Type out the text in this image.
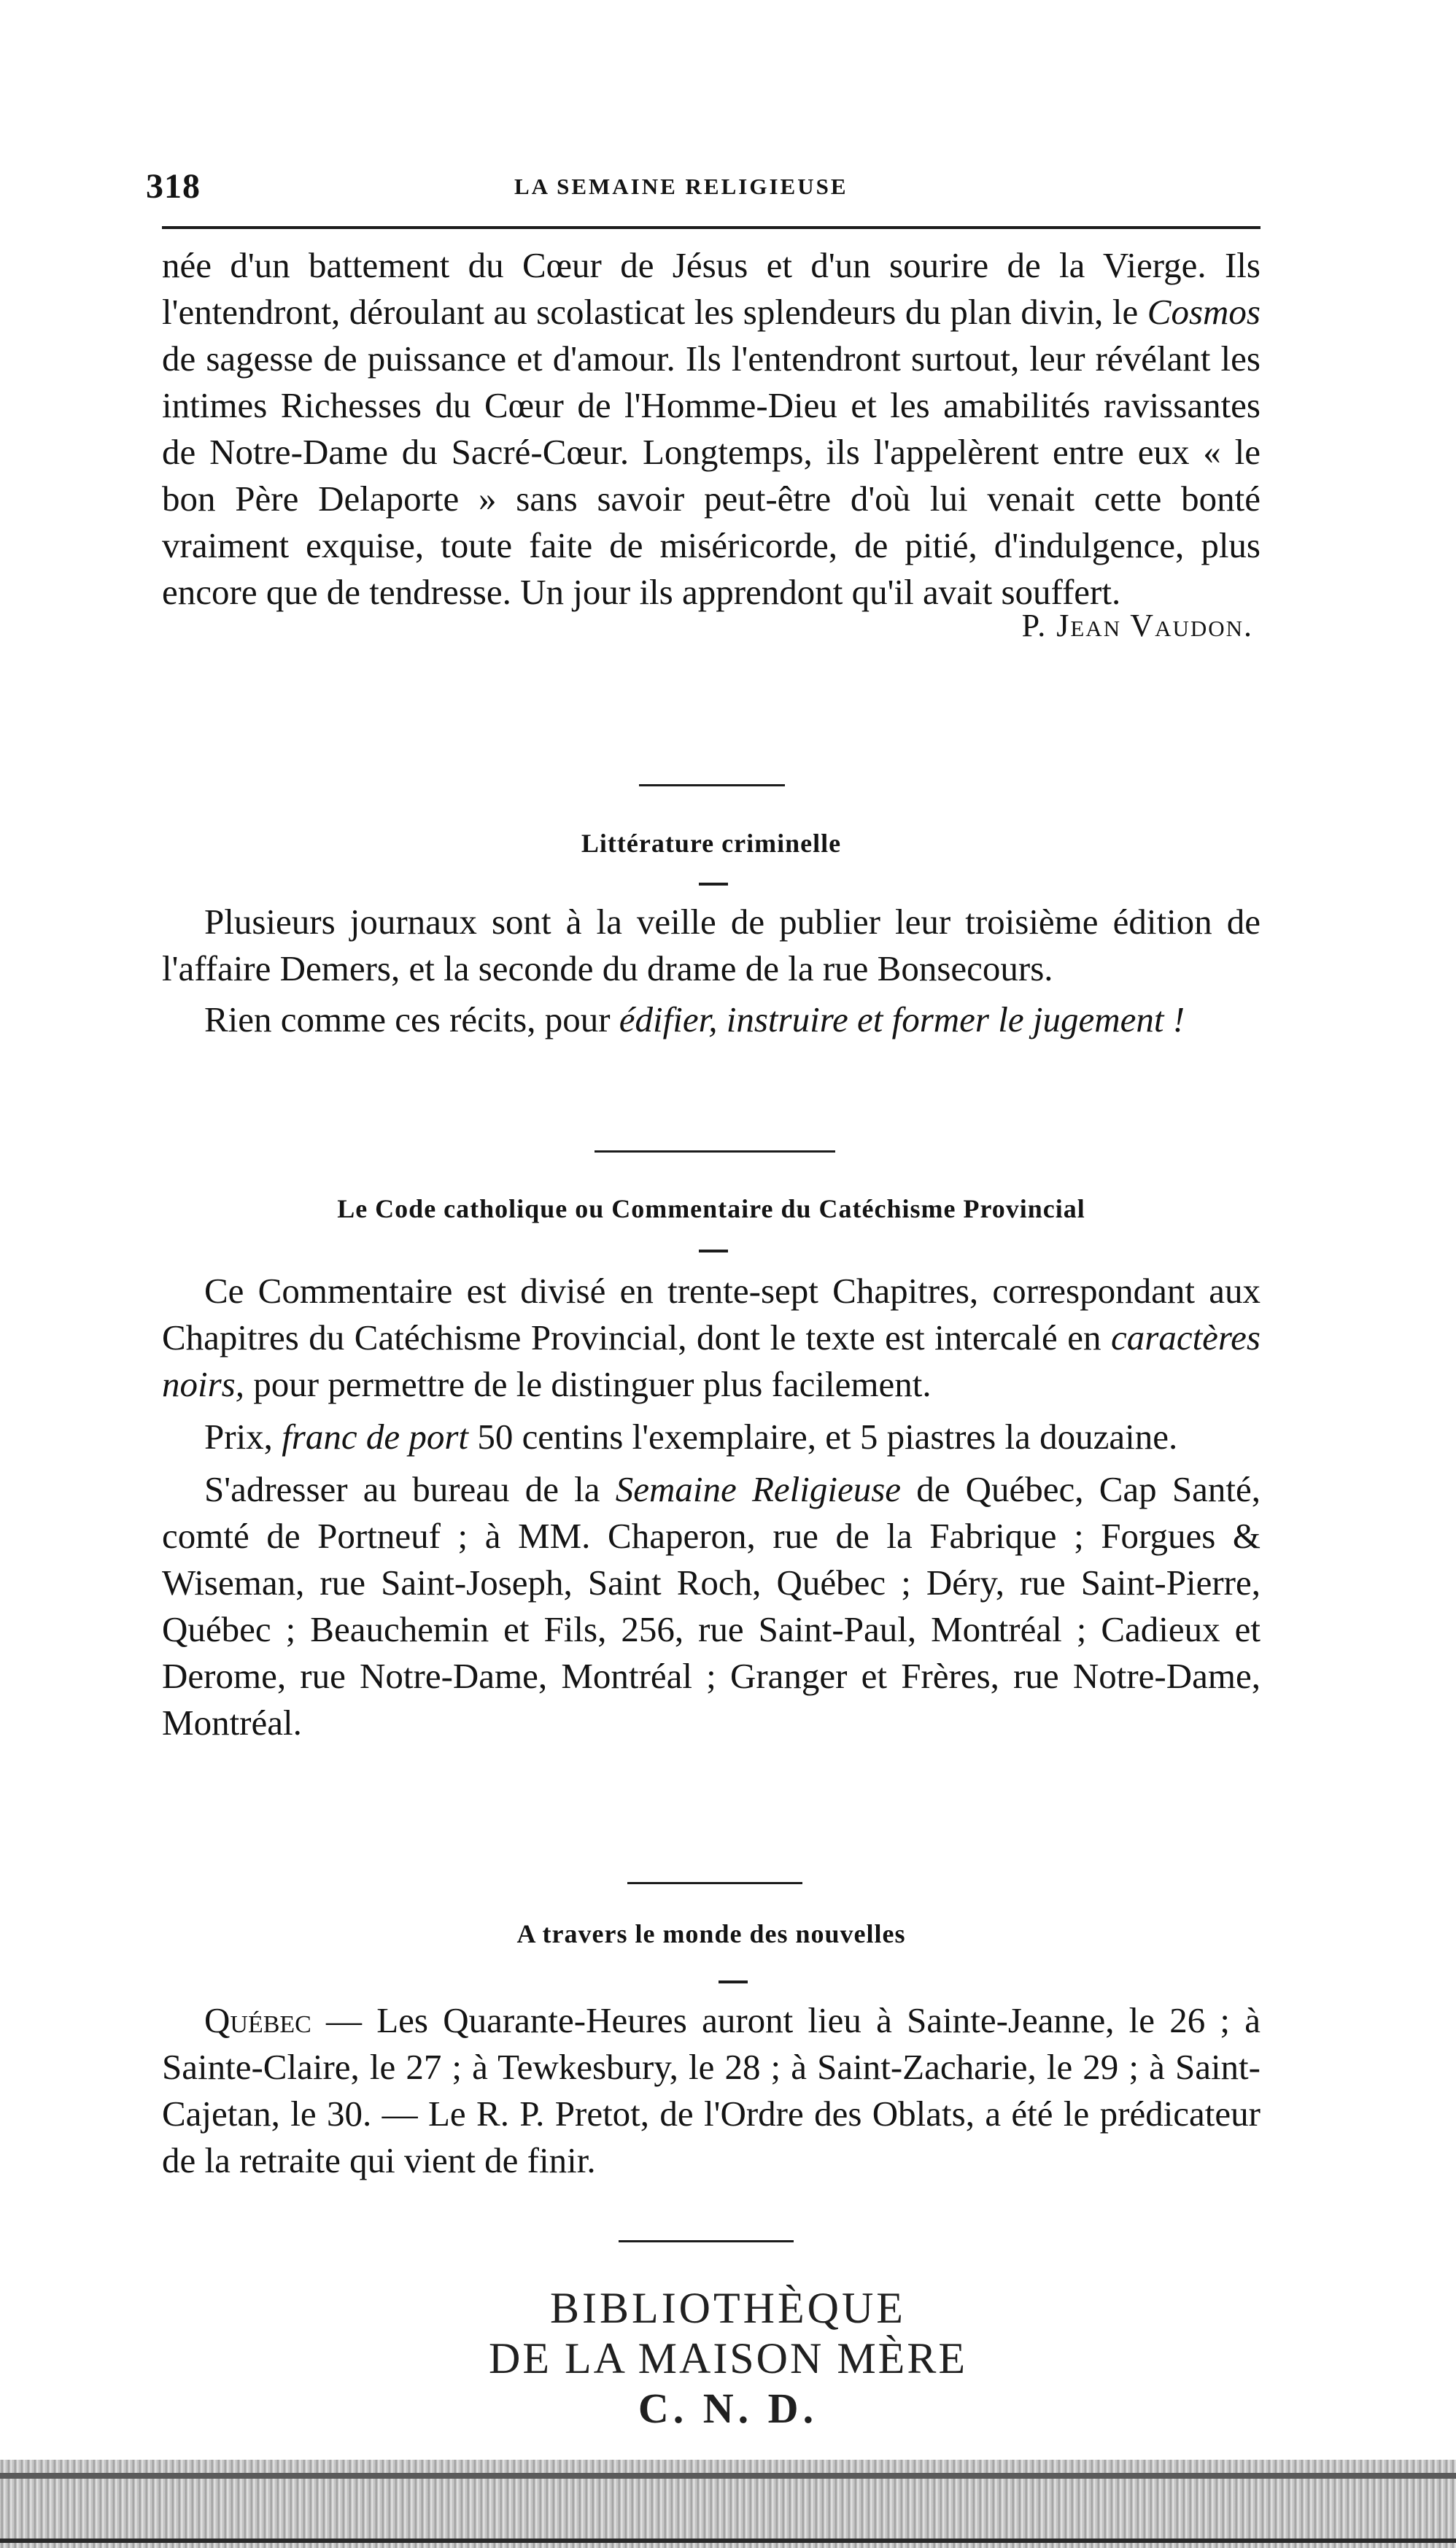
318	LA SEMAINE RELIGIEUSE

née d'un battement du Cœur de Jésus et d'un sourire de la Vierge. Ils l'entendront, déroulant au scolasticat les splendeurs du plan divin, le Cosmos de sagesse de puissance et d'amour. Ils l'entendront surtout, leur révélant les intimes Richesses du Cœur de l'Homme-Dieu et les amabilités ravissantes de Notre-Dame du Sacré-Cœur. Longtemps, ils l'appelèrent entre eux « le bon Père Delaporte » sans savoir peut-être d'où lui venait cette bonté vraiment exquise, toute faite de miséricorde, de pitié, d'indulgence, plus encore que de tendresse. Un jour ils apprendont qu'il avait souffert.

P. Jean Vaudon.

Littérature criminelle

Plusieurs journaux sont à la veille de publier leur troisième édition de l'affaire Demers, et la seconde du drame de la rue Bonsecours.

Rien comme ces récits, pour édifier, instruire et former le jugement !

Le Code catholique ou Commentaire du Catéchisme Provincial

Ce Commentaire est divisé en trente-sept Chapitres, correspondant aux Chapitres du Catéchisme Provincial, dont le texte est intercalé en caractères noirs, pour permettre de le distinguer plus facilement.

Prix, franc de port 50 centins l'exemplaire, et 5 piastres la douzaine.

S'adresser au bureau de la Semaine Religieuse de Québec, Cap Santé, comté de Portneuf ; à MM. Chaperon, rue de la Fabrique ; Forgues & Wiseman, rue Saint-Joseph, Saint Roch, Québec ; Déry, rue Saint-Pierre, Québec ; Beauchemin et Fils, 256, rue Saint-Paul, Montréal ; Cadieux et Derome, rue Notre-Dame, Montréal ; Granger et Frères, rue Notre-Dame, Montréal.

A travers le monde des nouvelles

Québec — Les Quarante-Heures auront lieu à Sainte-Jeanne, le 26 ; à Sainte-Claire, le 27 ; à Tewkesbury, le 28 ; à Saint-Zacharie, le 29 ; à Saint-Cajetan, le 30. — Le R. P. Pretot, de l'Ordre des Oblats, a été le prédicateur de la retraite qui vient de finir.

BIBLIOTHÈQUE
DE LA MAISON MÈRE
C. N. D.
